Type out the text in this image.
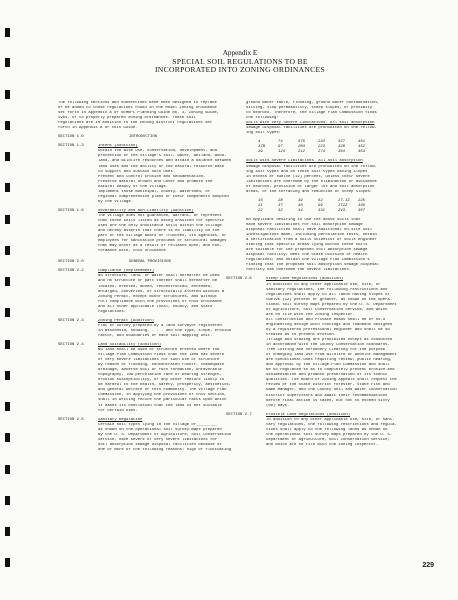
Appendix E
SPECIAL SOIL REGULATIONS TO BE
INCORPORATED INTO ZONING ORDINANCES
The following sections and subsections have been designed to replace
or be added to those regulations found in the Model Zoning Ordinance
set forth in Appendix A of SEMRPC Planning Guide No. 3, Zoning Guide,
1964, or to properly prepared zoning ordinances. These soil
regulations are in addition to the zoning district regulations set
forth in Appendix B of this Guide.
SECTION 1.0	INTRODUCTION
SECTION 1.3	Intent (Addition)
Obtain the Wise Use, conservation, development, and
protection of the Village's soil, water, wetland, wood-
land, and wildlife resources and attain a balance between
land uses and the ability of the natural resource base
to support and sustain such uses.
Prevent and Control Erosion and sedimentation.
Preserve Natural Growth and Cover and promote the
natural beauty of the Village.
Implement those municipal, county, watershed, or
regional comprehensive plans or their components adopted
by the Village.
SECTION 1.6	Severability and Non-Liability (Addition)
The Village does not guarantee, warrant, or represent
that those soils listed as being unsuited for specific
uses are the only unsuitable soils within the Village
and hereby asserts that there is no liability on the
part of the Village Board of Trustees, its agencies, or
employees for sanitation problems or structural damages
that may occur as a result of reliance upon, and con-
formance with, this Ordinance.
SECTION 2.0	GENERAL PROVISIONS
SECTION 2.2	Compliance (Replacement)
No structure, land, or water shall hereafter be used
and no structure or part thereof shall hereafter be
located, erected, moved, reconstructed, extended,
enlarged, converted, or structurally altered without a
Zoning Permit, except minor structures, and without
full compliance with the provisions of this Ordinance
and all other applicable local, county, and state
regulations.
SECTION 2.3	Zoning Permit (Addition)
Plat of Survey prepared by a land surveyor registered
in Wisconsin, showing, . . . and the type, slope, erosion
factor, and boundaries of each soil mapping unit.
SECTION 2.4	Land Suitability (Addition)
No land shall be used or structure erected where the
Village Plan Commission finds that the land has severe
or very severe limitations for such use or structure
by reason of flooding, concentrated runoff, inadequate
drainage, adverse soil or rock formation, unfavorable
topography, low percolation rate or bearing strength,
erosion susceptibility, or any other feature likely to
be harmful to the health, safety, prosperity, aesthetics,
and general welfare of this community. The Village Plan
Commission, in applying the provisions of this section,
shall in writing recite the particular facts upon which
it bases its conclusion that the land is not suitable
for certain uses.
SECTION 2.5	Sanitary Regulation
Certain soil types lying in the Village of_________
as shown on the operational soil survey maps prepared
by the U. S. Department of Agriculture, Soil Conservation
Service, have severe or very severe limitations for
soil absorption sewage disposal facilities because of
one or more of the following reasons: high or fluctuating
ground water table, flooding, ground water contamination,
silting, slow permeability, steep slopes, or proximity
to bedrock. Therefore, the Village Plan Commission finds
the following:
Soils with Very Severe Limitations. All soil absorption
sewage disposal facilities are prohibited on the follow-
ing soil types:
4	74	37S	233	327	451
37B	97	203	223	328	452
39	124	212	274	364	454
Soils with Severe Limitations. All soil absorption
sewage disposal facilities are prohibited on the follow-
ing soil types and on those soil types having slopes
in excess of twelve (12) percent, unless their severe
limitations are overcome by the elimination or avoidance
of bedrock, provision of larger lot and soil absorption
areas, or the terracing and reduction of steep slopes:
16	28	39	62	27.IZ	225
21	37	40	99	IT2Z	336
22	32	44	331	2V3.	367
An Applicant desiring to use the above soils that
have severe limitations for soil absorption sewage
disposal facilities shall have additional on-site soil
investigations made, including percolation tests, obtain
a certification from a soils scientist or soils engineer
stating that specific areas lying within these soils
are suitable for the proposed soil absorption sewage
disposal facility; meet the State Division of Health
regulations; and obtain the Village Plan Commission's
finding that the proposed soil absorption sewage disposal
facility has overcome the severe limitations.
SECTION 2.6	Steep Land Regulations (Addition)
In addition to any other applicable use, site, or
sanitary regulations, the following restrictions and
regulations shall apply to all lands having slopes of
twelve (12) percent or greater, as shown on the opera-
tional soil survey maps prepared by the U. S. Department
of Agriculture, Soil Conservation Service, and which
are on file with the Zoning Inspector.
All Construction and Private Roads shall be of so-d
engineering design with footings and roadbeds designed
by a registered professional engineer and shall be so
treated as to prevent erosion.
Tillage and Grazing are prohibited except as conducted
in accordance with the County Conservation Standards.
Tree Cutting and Shrubbery Clearing for the purpose
of changing land use from wildlife or woodlot management
are conditional uses requiring review, public hearing,
and approval by the Village Plan Commission and shall
be so regulated so as to completely prevent erosion and
sedimentation and promote preservation of its scenic
qualities. The Board of Zoning Appeals shall request the
review of the State District Forester, State Fish and
Game Manager, and the County Soil and Water Conservation
District Supervisors and await their recommendations
before final action is taken, but not to exceed sixty
(60) days.
SECTION 2.7	Erodible Land Regulations (Addition)
In addition to any other applicable use, site, or sani-
tary regulations, the following restrictions and regula-
tions shall apply to the following lands as shown on
the operational soil survey maps prepared by the U. S.
Department of Agriculture, Soil Conservation Service,
and which are on file with the Zoning Inspector.
229
